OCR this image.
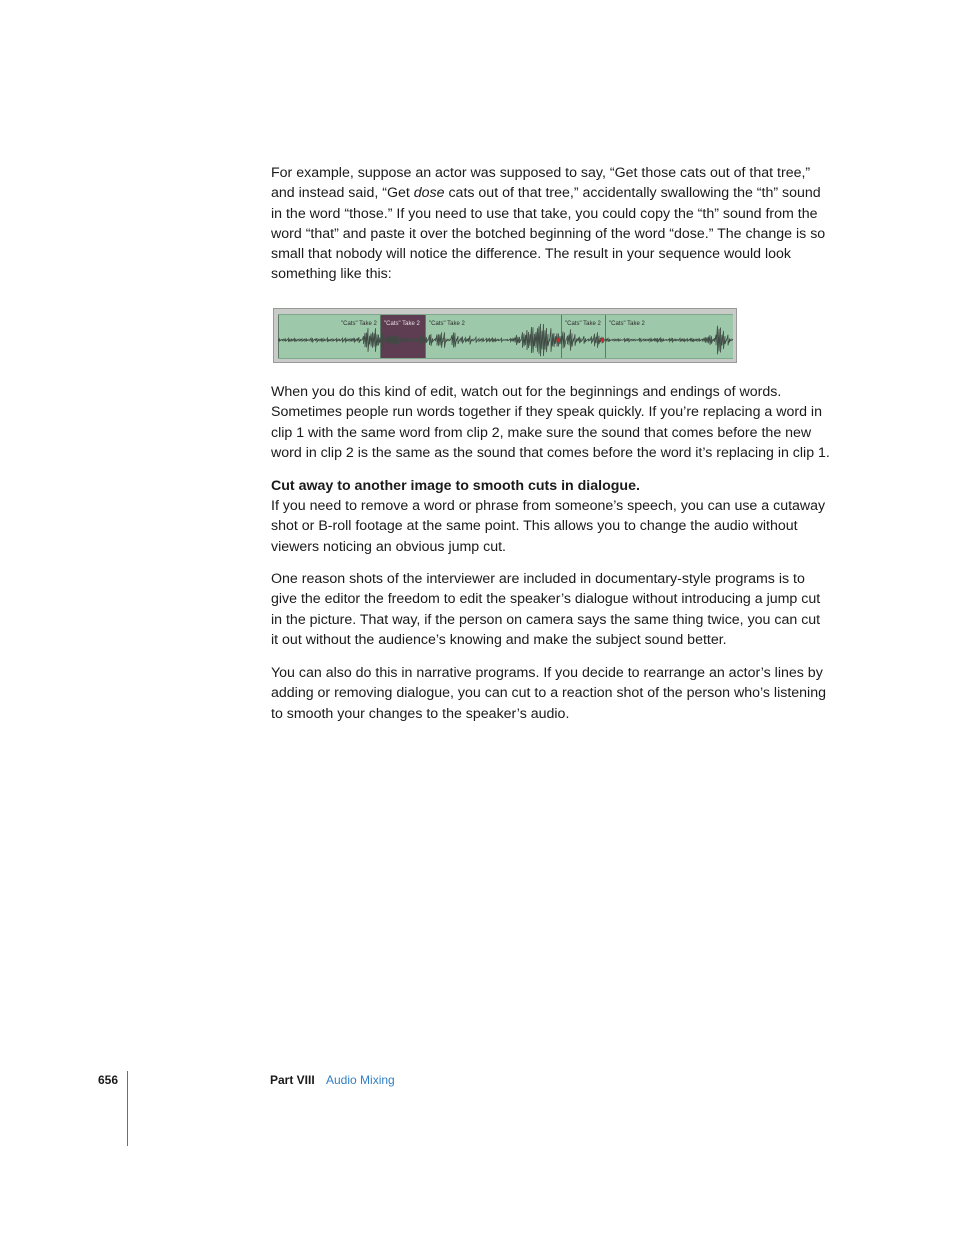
For example, suppose an actor was supposed to say, “Get those cats out of that tree,” and instead said, “Get dose cats out of that tree,” accidentally swallowing the “th” sound in the word “those.” If you need to use that take, you could copy the “th” sound from the word “that” and paste it over the botched beginning of the word “dose.” The change is so small that nobody will notice the difference. The result in your sequence would look something like this:

"Cats" Take 2 "Cats" Take 2 "Cats" Take 2	"Cats" Take 2 "Cats" Take 2

When you do this kind of edit, watch out for the beginnings and endings of words. Sometimes people run words together if they speak quickly. If you’re replacing a word in clip 1 with the same word from clip 2, make sure the sound that comes before the new word in clip 2 is the same as the sound that comes before the word it’s replacing in clip 1.

Cut away to another image to smooth cuts in dialogue.

If you need to remove a word or phrase from someone’s speech, you can use a cutaway shot or B-roll footage at the same point. This allows you to change the audio without viewers noticing an obvious jump cut.

One reason shots of the interviewer are included in documentary-style programs is to give the editor the freedom to edit the speaker’s dialogue without introducing a jump cut in the picture. That way, if the person on camera says the same thing twice, you can cut it out without the audience’s knowing and make the subject sound better.

You can also do this in narrative programs. If you decide to rearrange an actor’s lines by adding or removing dialogue, you can cut to a reaction shot of the person who’s listening to smooth your changes to the speaker’s audio.

656	Part VIII Audio Mixing
